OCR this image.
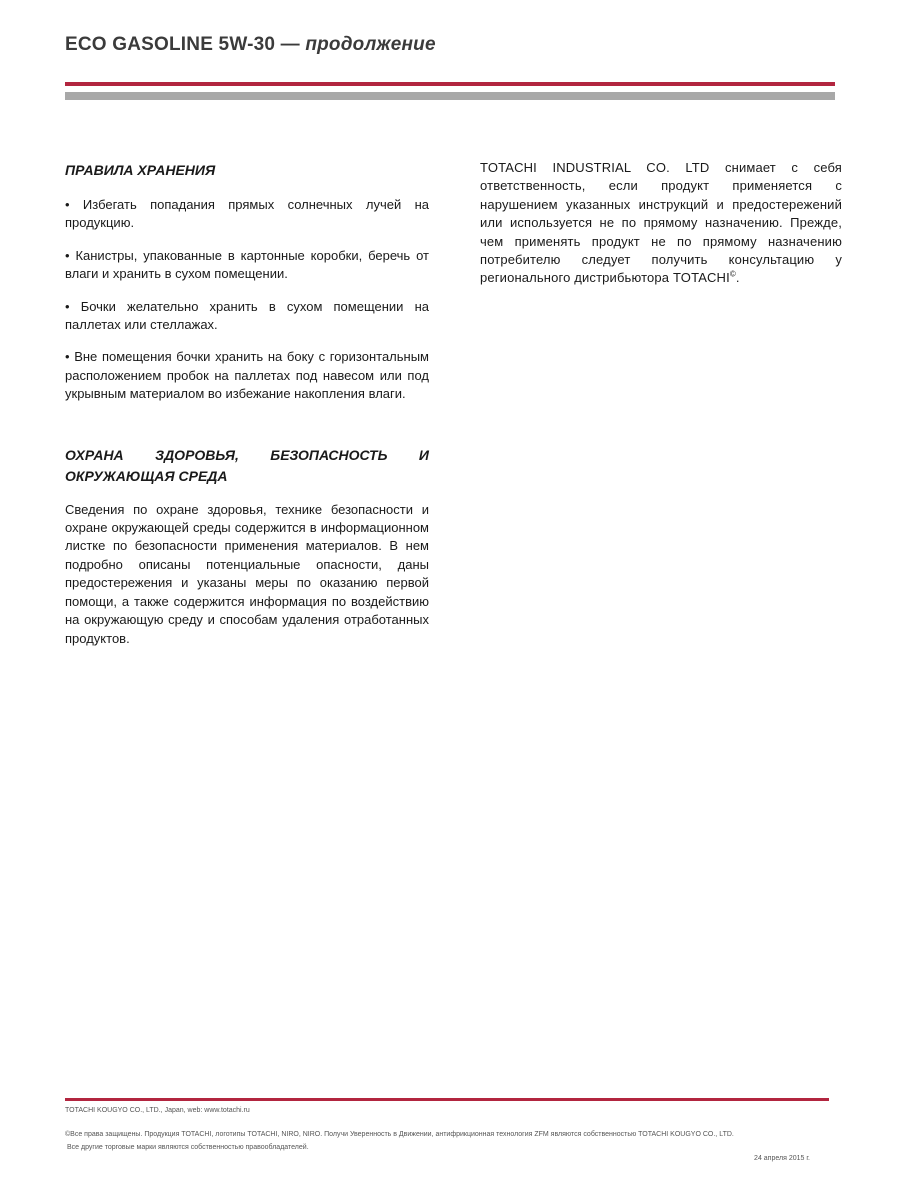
ECO GASOLINE 5W-30 — продолжение
ПРАВИЛА ХРАНЕНИЯ

• Избегать попадания прямых солнечных лучей на продукцию.

• Канистры, упакованные в картонные коробки, беречь от влаги и хранить в сухом помещении.

• Бочки желательно хранить в сухом помещении на паллетах или стеллажах.

• Вне помещения бочки хранить на боку с горизонтальным расположением пробок на паллетах под навесом или под укрывным материалом во избежание накопления влаги.

ОХРАНА ЗДОРОВЬЯ, БЕЗОПАСНОСТЬ И ОКРУЖАЮЩАЯ СРЕДА

Сведения по охране здоровья, технике безопасности и охране окружающей среды содержится в информационном листке по безопасности применения материалов. В нем подробно описаны потенциальные опасности, даны предостережения и указаны меры по оказанию первой помощи, а также содержится информация по воздействию на окружающую среду и способам удаления отработанных продуктов.

TOTACHI INDUSTRIAL CO. LTD снимает с себя ответственность, если продукт применяется с нарушением указанных инструкций и предостережений или используется не по прямому назначению. Прежде, чем применять продукт не по прямому назначению потребителю следует получить консультацию у регионального дистрибьютора TOTACHI©.

TOTACHI KOUGYO CO., LTD., Japan, web: www.totachi.ru
©Все права защищены. Продукция TOTACHI, логотипы TOTACHI, NIRO, NIRO. Получи Уверенность в Движении, антифрикционная технология ZFM являются собственностью TOTACHI KOUGYO CO., LTD.
Все другие торговые марки являются собственностью правообладателей.
24 апреля 2015 г.
